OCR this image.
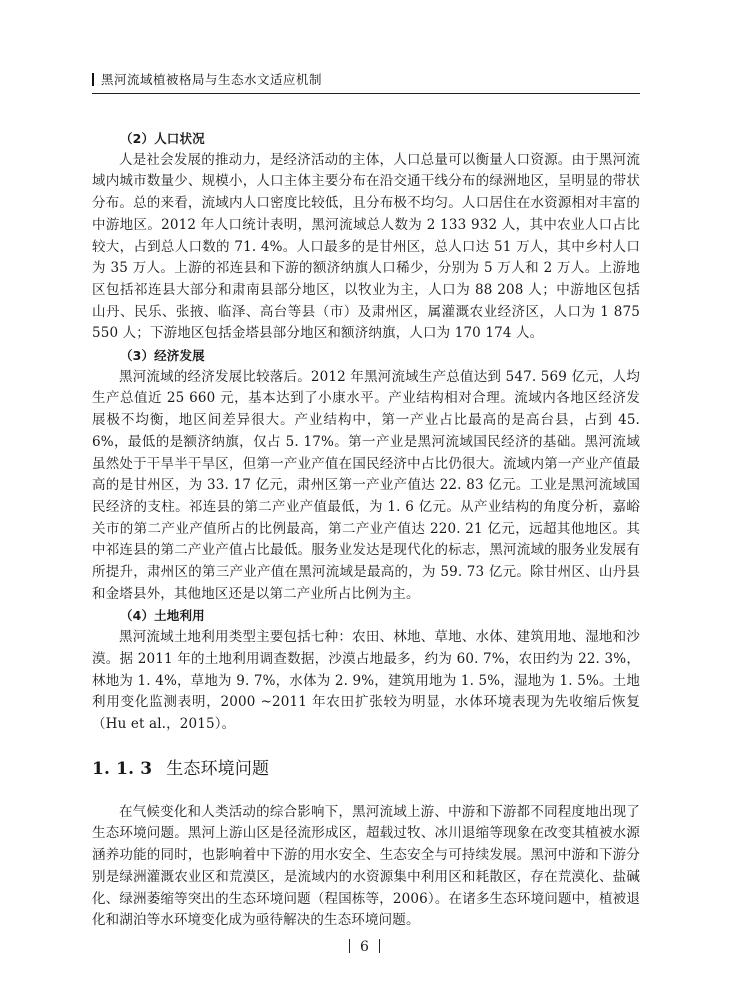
黑河流域植被格局与生态水文适应机制

（2）人口状况

人是社会发展的推动力，是经济活动的主体，人口总量可以衡量人口资源。由于黑河流域内城市数量少、规模小，人口主体主要分布在沿交通干线分布的绿洲地区，呈明显的带状分布。总的来看，流域内人口密度比较低，且分布极不均匀。人口居住在水资源相对丰富的中游地区。2012 年人口统计表明，黑河流域总人数为 2 133 932 人，其中农业人口占比较大，占到总人口数的 71. 4%。人口最多的是甘州区，总人口达 51 万人，其中乡村人口为 35 万人。上游的祁连县和下游的额济纳旗人口稀少，分别为 5 万人和 2 万人。上游地区包括祁连县大部分和肃南县部分地区，以牧业为主，人口为 88 208 人；中游地区包括山丹、民乐、张掖、临泽、高台等县（市）及肃州区，属灌溉农业经济区，人口为 1 875 550 人；下游地区包括金塔县部分地区和额济纳旗，人口为 170 174 人。

（3）经济发展

黑河流域的经济发展比较落后。2012 年黑河流域生产总值达到 547. 569 亿元，人均生产总值近 25 660 元，基本达到了小康水平。产业结构相对合理。流域内各地区经济发展极不均衡，地区间差异很大。产业结构中，第一产业占比最高的是高台县，占到 45. 6%，最低的是额济纳旗，仅占 5. 17%。第一产业是黑河流域国民经济的基础。黑河流域虽然处于干旱半干旱区，但第一产业产值在国民经济中占比仍很大。流域内第一产业产值最高的是甘州区，为 33. 17 亿元，肃州区第一产业产值达 22. 83 亿元。工业是黑河流域国民经济的支柱。祁连县的第二产业产值最低，为 1. 6 亿元。从产业结构的角度分析，嘉峪关市的第二产业产值所占的比例最高，第二产业产值达 220. 21 亿元，远超其他地区。其中祁连县的第二产业产值占比最低。服务业发达是现代化的标志，黑河流域的服务业发展有所提升，肃州区的第三产业产值在黑河流域是最高的，为 59. 73 亿元。除甘州区、山丹县和金塔县外，其他地区还是以第二产业所占比例为主。

（4）土地利用

黑河流域土地利用类型主要包括七种：农田、林地、草地、水体、建筑用地、湿地和沙漠。据 2011 年的土地利用调查数据，沙漠占地最多，约为 60. 7%，农田约为 22. 3%，林地为 1. 4%，草地为 9. 7%，水体为 2. 9%，建筑用地为 1. 5%，湿地为 1. 5%。土地利用变化监测表明，2000 ~2011 年农田扩张较为明显，水体环境表现为先收缩后恢复（Hu et al.，2015）。

1. 1. 3 生态环境问题

在气候变化和人类活动的综合影响下，黑河流域上游、中游和下游都不同程度地出现了生态环境问题。黑河上游山区是径流形成区，超载过牧、冰川退缩等现象在改变其植被水源涵养功能的同时，也影响着中下游的用水安全、生态安全与可持续发展。黑河中游和下游分别是绿洲灌溉农业区和荒漠区，是流域内的水资源集中利用区和耗散区，存在荒漠化、盐碱化、绿洲萎缩等突出的生态环境问题（程国栋等，2006）。在诸多生态环境问题中，植被退化和湖泊等水环境变化成为亟待解决的生态环境问题。

6
